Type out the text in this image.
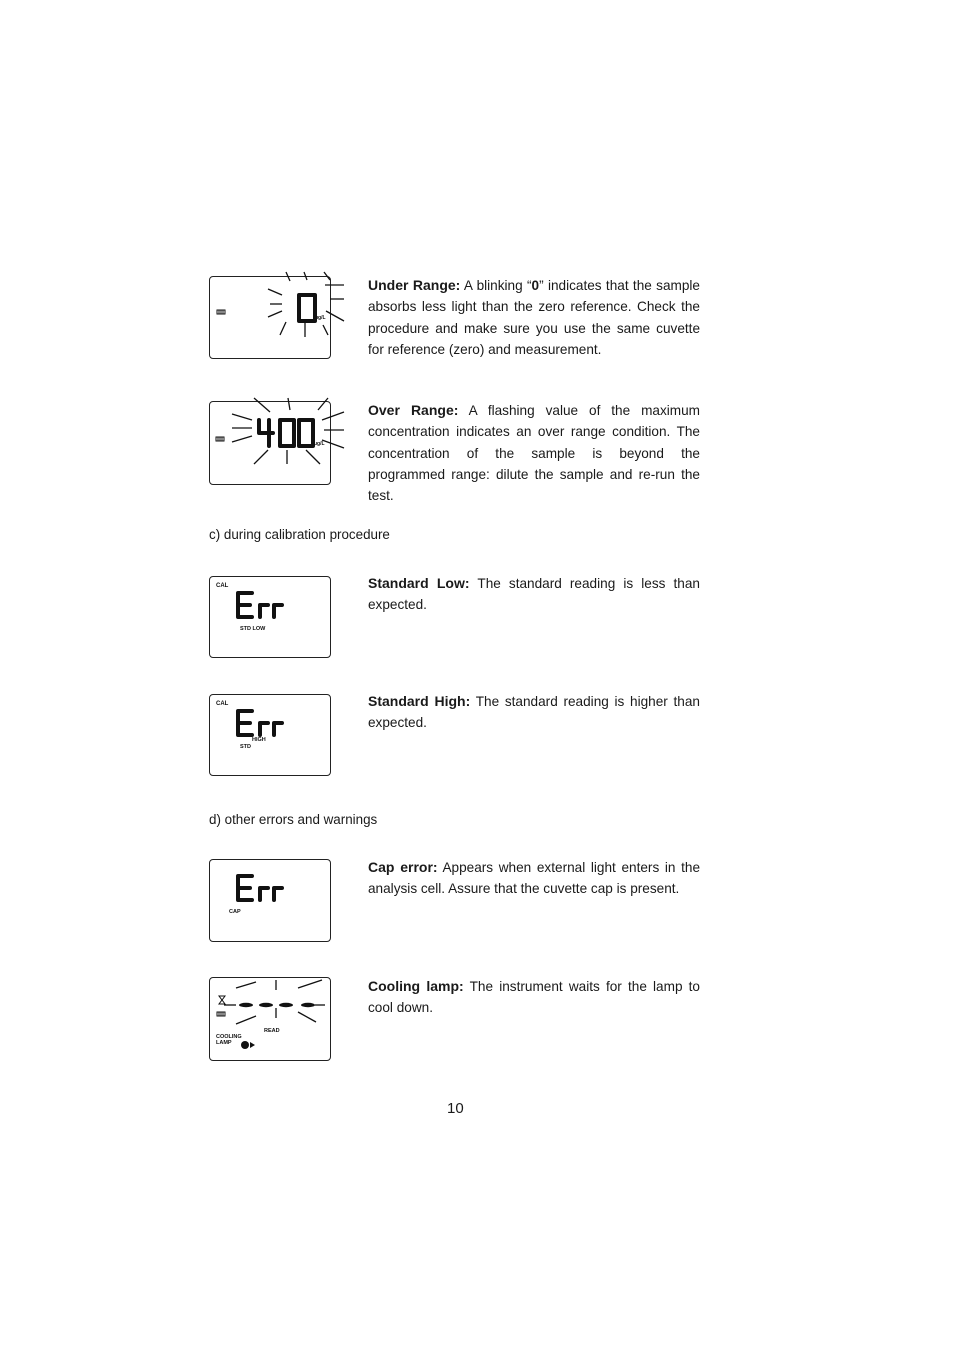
μg/L
Under Range: A blinking “0” indicates that the sample absorbs less light than the zero reference. Check the procedure and make sure you use the same cuvette for reference (zero) and measurement.
μg/L
Over Range: A flashing value of the maximum concentration indicates an over range condition. The concentration of the sample is beyond the programmed range: dilute the sample and re-run the test.
c) during calibration procedure
CAL
STD LOW
Standard Low: The standard reading is less than expected.
CAL
HIGH
STD
Standard High: The standard reading is higher than expected.
d) other errors and warnings
CAP
Cap error: Appears when external light enters in the analysis cell. Assure that the cuvette cap is present.
READ
COOLING
LAMP
Cooling lamp: The instrument waits for the lamp to cool down.
10
